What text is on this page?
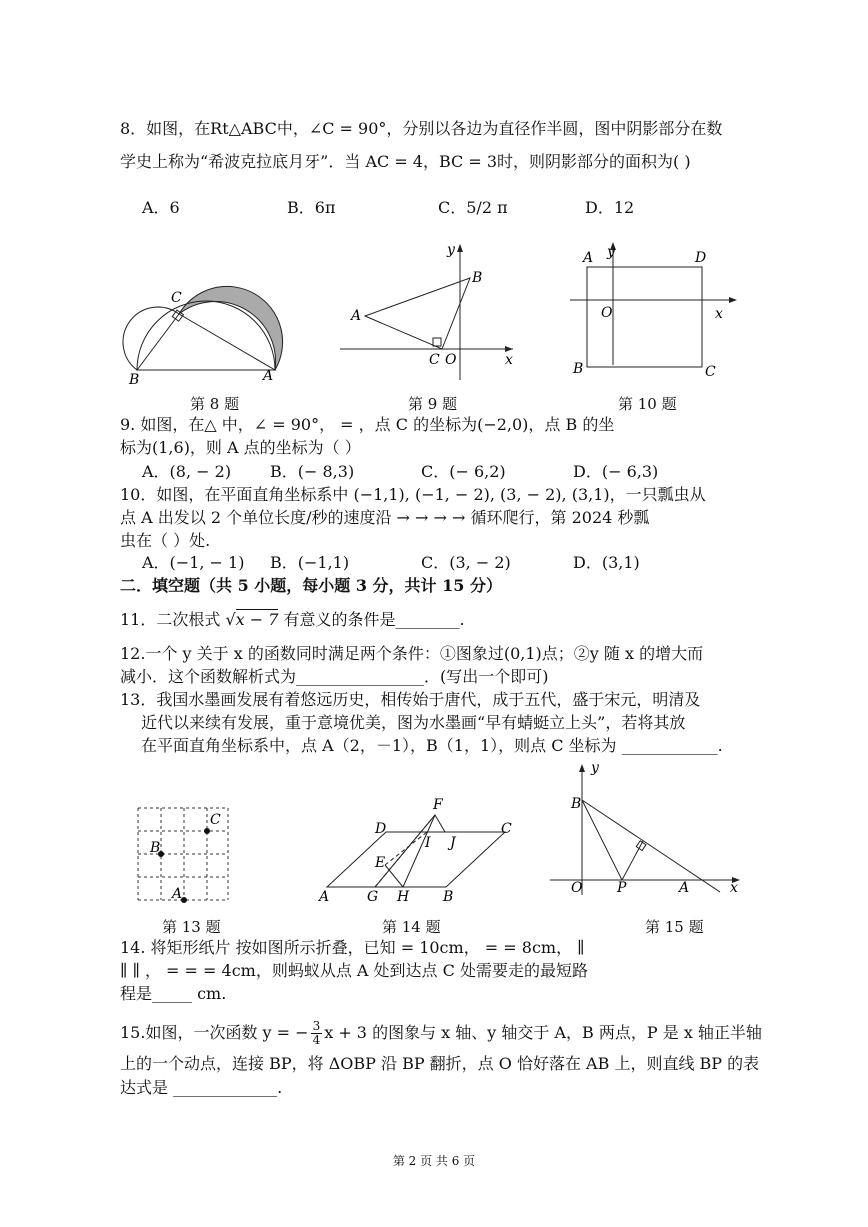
8．如图，在Rt△ABC中，∠C = 90°，分别以各边为直径作半圆，图中阴影部分在数
学史上称为“希波克拉底月牙”．当 AC = 4，BC = 3时，则阴影部分的面积为( )
A．6	B．6π	C．5/2 π	D．12
C
B	A
y
B
A
C O	x
A y	D
O	x
B	C
第 8 题	第 9 题	第 10 题
9. 如图，在△ 中，∠ = 90°， = ，点 C 的坐标为(−2,0)，点 B 的坐
标为(1,6)，则 A 点的坐标为（ ）
A．(8, − 2) B．(− 8,3)	C．(− 6,2)	D．(− 6,3)
10．如图，在平面直角坐标系中 (−1,1), (−1, − 2), (3, − 2), (3,1)，一只瓢虫从
点 A 出发以 2 个单位长度/秒的速度沿 → → → → 循环爬行，第 2024 秒瓢
虫在（ ）处.
A．(−1, − 1) B．(−1,1)	C．(3, − 2)	D．(3,1)
二．填空题（共 5 小题，每小题 3 分，共计 15 分）
11．二次根式 √x − 7 有意义的条件是________.
12.一个 y 关于 x 的函数同时满足两个条件：①图象过(0,1)点；②y 随 x 的增大而
减小．这个函数解析式为________________．(写出一个即可)
13．我国水墨画发展有着悠远历史，相传始于唐代，成于五代，盛于宋元，明清及
近代以来续有发展，重于意境优美，图为水墨画“早有蜻蜓立上头”，若将其放
在平面直角坐标系中，点 A（2，－1），B（1，1），则点 C 坐标为 ____________.
C
B
A
F
D	C
I J
E
A	G H B
y
B
O P	A	x
第 13 题	第 14 题	第 15 题
14. 将矩形纸片 按如图所示折叠，已知 = 10cm， = = 8cm， ∥
∥ ∥ ， = = = 4cm，则蚂蚁从点 A 处到达点 C 处需要走的最短路
程是_____ cm.
15.如图，一次函数 y = − $\frac{3}{4}$ x + 3 的图象与 x 轴、y 轴交于 A，B 两点，P 是 x 轴正半轴
上的一个动点，连接 BP，将 ΔOBP 沿 BP 翻折，点 O 恰好落在 AB 上，则直线 BP 的表
达式是 _____________.
第 2 页 共 6 页
